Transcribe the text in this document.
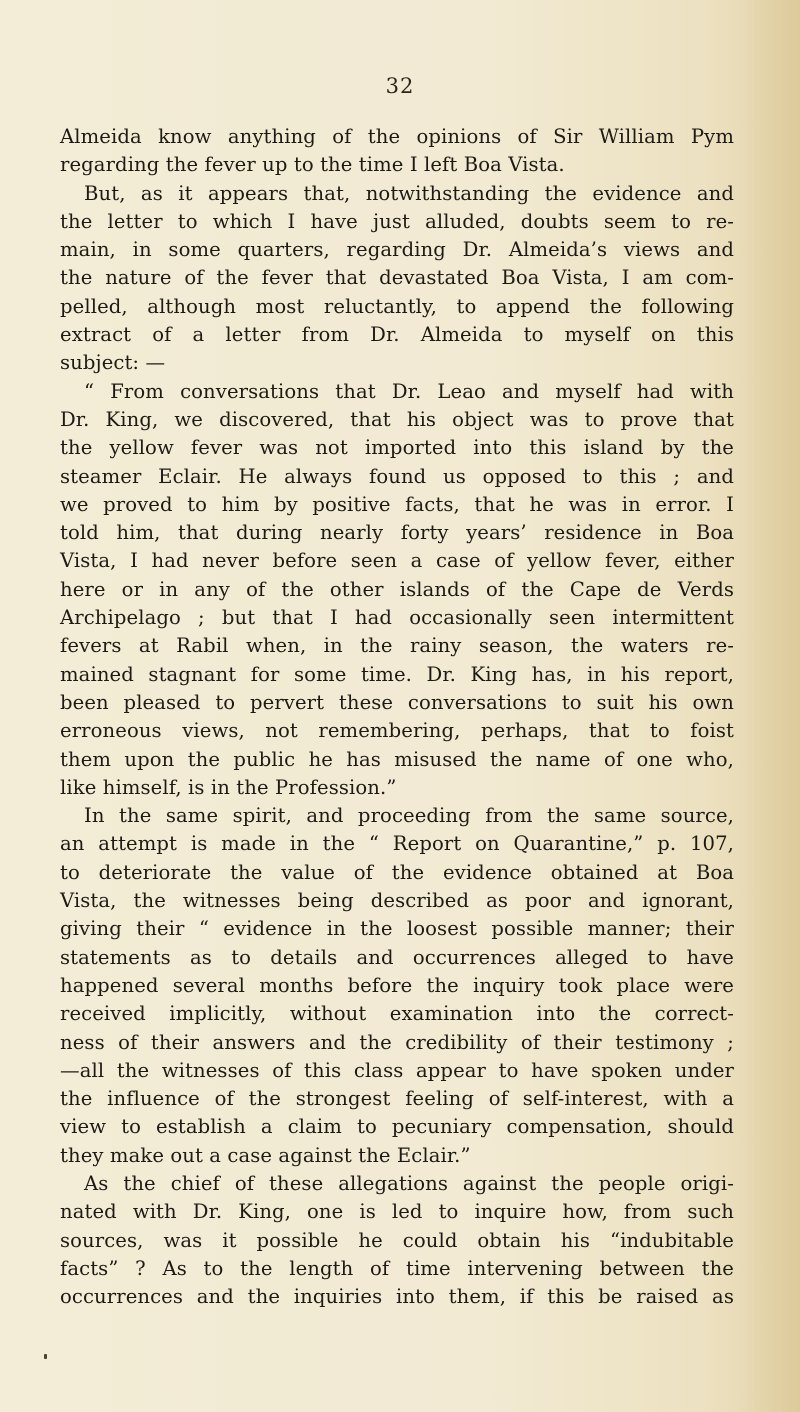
32
Almeida know anything of the opinions of Sir William Pym
regarding the fever up to the time I left Boa Vista.
But, as it appears that, notwithstanding the evidence and
the letter to which I have just alluded, doubts seem to re-
main, in some quarters, regarding Dr. Almeida’s views and
the nature of the fever that devastated Boa Vista, I am com-
pelled, although most reluctantly, to append the following
extract of a letter from Dr. Almeida to myself on this
subject: —
“ From conversations that Dr. Leao and myself had with
Dr. King, we discovered, that his object was to prove that
the yellow fever was not imported into this island by the
steamer Eclair. He always found us opposed to this ; and
we proved to him by positive facts, that he was in error. I
told him, that during nearly forty years’ residence in Boa
Vista, I had never before seen a case of yellow fever, either
here or in any of the other islands of the Cape de Verds
Archipelago ; but that I had occasionally seen intermittent
fevers at Rabil when, in the rainy season, the waters re-
mained stagnant for some time. Dr. King has, in his report,
been pleased to pervert these conversations to suit his own
erroneous views, not remembering, perhaps, that to foist
them upon the public he has misused the name of one who,
like himself, is in the Profession.”
In the same spirit, and proceeding from the same source,
an attempt is made in the “ Report on Quarantine,” p. 107,
to deteriorate the value of the evidence obtained at Boa
Vista, the witnesses being described as poor and ignorant,
giving their “ evidence in the loosest possible manner; their
statements as to details and occurrences alleged to have
happened several months before the inquiry took place were
received implicitly, without examination into the correct-
ness of their answers and the credibility of their testimony ;
—all the witnesses of this class appear to have spoken under
the influence of the strongest feeling of self-interest, with a
view to establish a claim to pecuniary compensation, should
they make out a case against the Eclair.”
As the chief of these allegations against the people origi-
nated with Dr. King, one is led to inquire how, from such
sources, was it possible he could obtain his “indubitable
facts” ? As to the length of time intervening between the
occurrences and the inquiries into them, if this be raised as
